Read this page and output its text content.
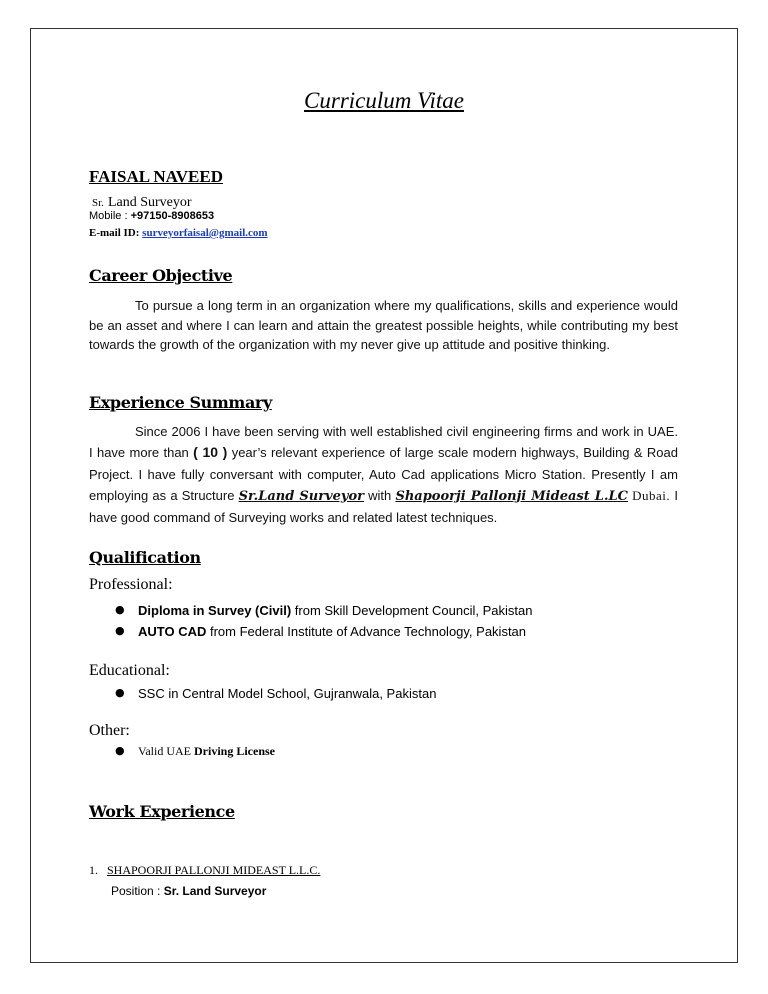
Curriculum Vitae
FAISAL NAVEED
Sr. Land Surveyor
Mobile : +97150-8908653
E-mail ID: surveyorfaisal@gmail.com
Career Objective
To pursue a long term in an organization where my qualifications, skills and experience would be an asset and where I can learn and attain the greatest possible heights, while contributing my best towards the growth of the organization with my never give up attitude and positive thinking.
Experience Summary
Since 2006 I have been serving with well established civil engineering firms and work in UAE. I have more than ( 10 ) year’s relevant experience of large scale modern highways, Building & Road Project. I have fully conversant with computer, Auto Cad applications Micro Station. Presently I am employing as a Structure Sr.Land Surveyor with Shapoorji Pallonji Mideast L.LC Dubai. I have good command of Surveying works and related latest techniques.
Qualification
Professional:
● Diploma in Survey (Civil) from Skill Development Council, Pakistan
● AUTO CAD from Federal Institute of Advance Technology, Pakistan
Educational:
● SSC in Central Model School, Gujranwala, Pakistan
Other:
● Valid UAE Driving License
Work Experience
1. SHAPOORJI PALLONJI MIDEAST L.L.C.
Position : Sr. Land Surveyor
